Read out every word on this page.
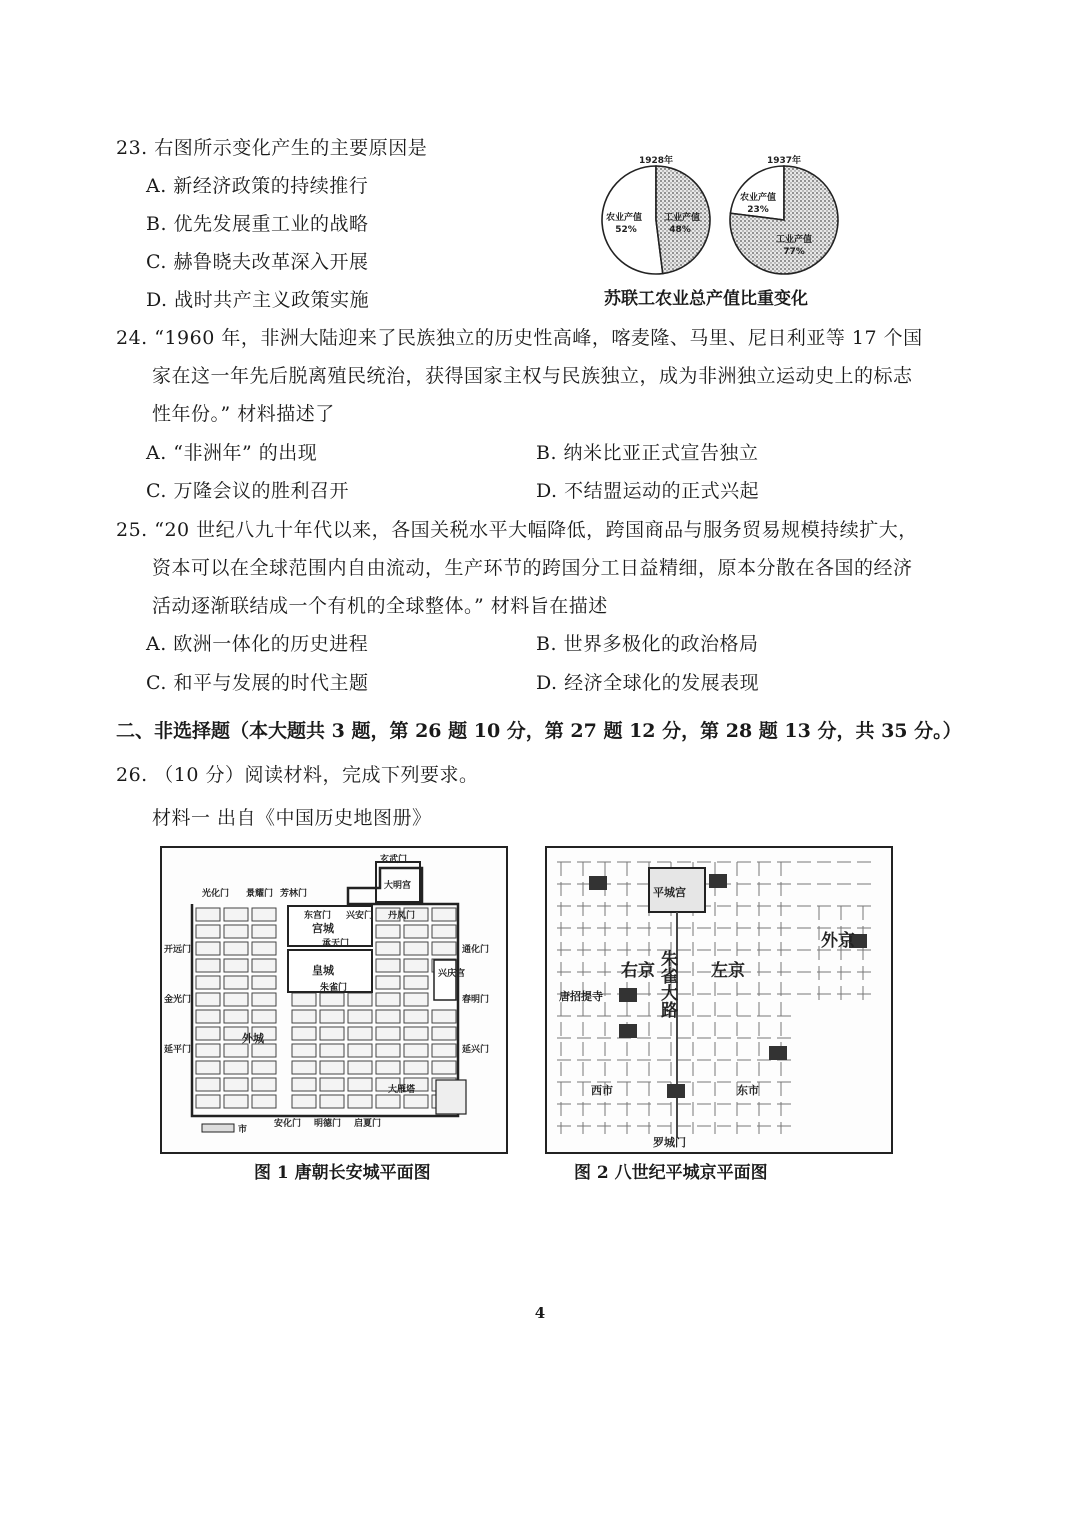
23. 右图所示变化产生的主要原因是
A. 新经济政策的持续推行
B. 优先发展重工业的战略
C. 赫鲁晓夫改革深入开展
D. 战时共产主义政策实施
1928年	1937年
农业产值
52%
工业产值
48%
农业产值
23%
工业产值
77%
苏联工农业总产值比重变化
24. “1960 年，非洲大陆迎来了民族独立的历史性高峰，喀麦隆、马里、尼日利亚等 17 个国
家在这一年先后脱离殖民统治，获得国家主权与民族独立，成为非洲独立运动史上的标志
性年份。” 材料描述了
A. “非洲年” 的出现	B. 纳米比亚正式宣告独立
C. 万隆会议的胜利召开	D. 不结盟运动的正式兴起
25. “20 世纪八九十年代以来，各国关税水平大幅降低，跨国商品与服务贸易规模持续扩大，
资本可以在全球范围内自由流动，生产环节的跨国分工日益精细，原本分散在各国的经济
活动逐渐联结成一个有机的全球整体。” 材料旨在描述
A. 欧洲一体化的历史进程	B. 世界多极化的政治格局
C. 和平与发展的时代主题	D. 经济全球化的发展表现
二、非选择题（本大题共 3 题，第 26 题 10 分，第 27 题 12 分，第 28 题 13 分，共 35 分。）
26. （10 分）阅读材料，完成下列要求。
材料一 出自《中国历史地图册》
宫城
承天门
皇城
朱雀门
外城
兴庆宫
大雁塔
市
玄武门
大明宫
东宫门 兴安门 丹凤门
光化门 景耀门 芳林门
开远门
金光门
延平门
通化门
春明门
延兴门
安化门 明德门 启夏门
图 1 唐朝长安城平面图
平城宫
右京	左京
外京
朱雀大路
西市	东市
唐招提寺
罗城门
图 2 八世纪平城京平面图
4
